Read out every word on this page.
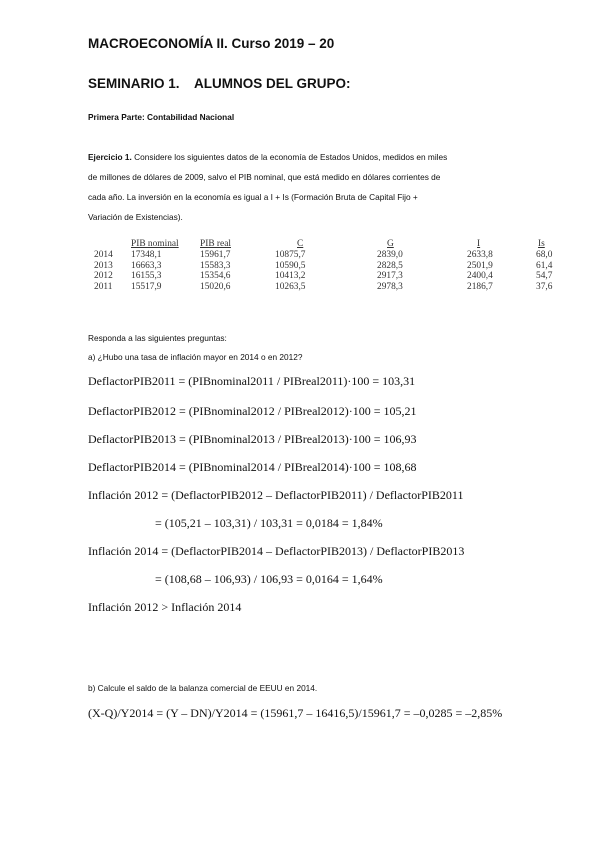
MACROECONOMÍA II. Curso 2019 – 20
SEMINARIO 1.    ALUMNOS DEL GRUPO:
Primera Parte: Contabilidad Nacional
Ejercicio 1. Considere los siguientes datos de la economía de Estados Unidos, medidos en miles
de millones de dólares de 2009, salvo el PIB nominal, que está medido en dólares corrientes de
cada año. La inversión en la economía es igual a I + Is (Formación Bruta de Capital Fijo +
Variación de Existencias).
	PIB nominal	PIB real	C	G	I	Is
2014	17348,1	15961,7	10875,7	2839,0	2633,8	68,0
2013	16663,3	15583,3	10590,5	2828,5	2501,9	61,4
2012	16155,3	15354,6	10413,2	2917,3	2400,4	54,7
2011	15517,9	15020,6	10263,5	2978,3	2186,7	37,6
Responda a las siguientes preguntas:
a) ¿Hubo una tasa de inflación mayor en 2014 o en 2012?
DeflactorPIB2011 = (PIBnominal2011 / PIBreal2011)·100 = 103,31
DeflactorPIB2012 = (PIBnominal2012 / PIBreal2012)·100 = 105,21
DeflactorPIB2013 = (PIBnominal2013 / PIBreal2013)·100 = 106,93
DeflactorPIB2014 = (PIBnominal2014 / PIBreal2014)·100 = 108,68
Inflación 2012 = (DeflactorPIB2012 – DeflactorPIB2011) / DeflactorPIB2011
= (105,21 – 103,31) / 103,31 = 0,0184 = 1,84%
Inflación 2014 = (DeflactorPIB2014 – DeflactorPIB2013) / DeflactorPIB2013
= (108,68 – 106,93) / 106,93 = 0,0164 = 1,64%
Inflación 2012 > Inflación 2014
b) Calcule el saldo de la balanza comercial de EEUU en 2014.
(X-Q)/Y2014 = (Y – DN)/Y2014 = (15961,7 – 16416,5)/15961,7 = –0,0285 = –2,85%
